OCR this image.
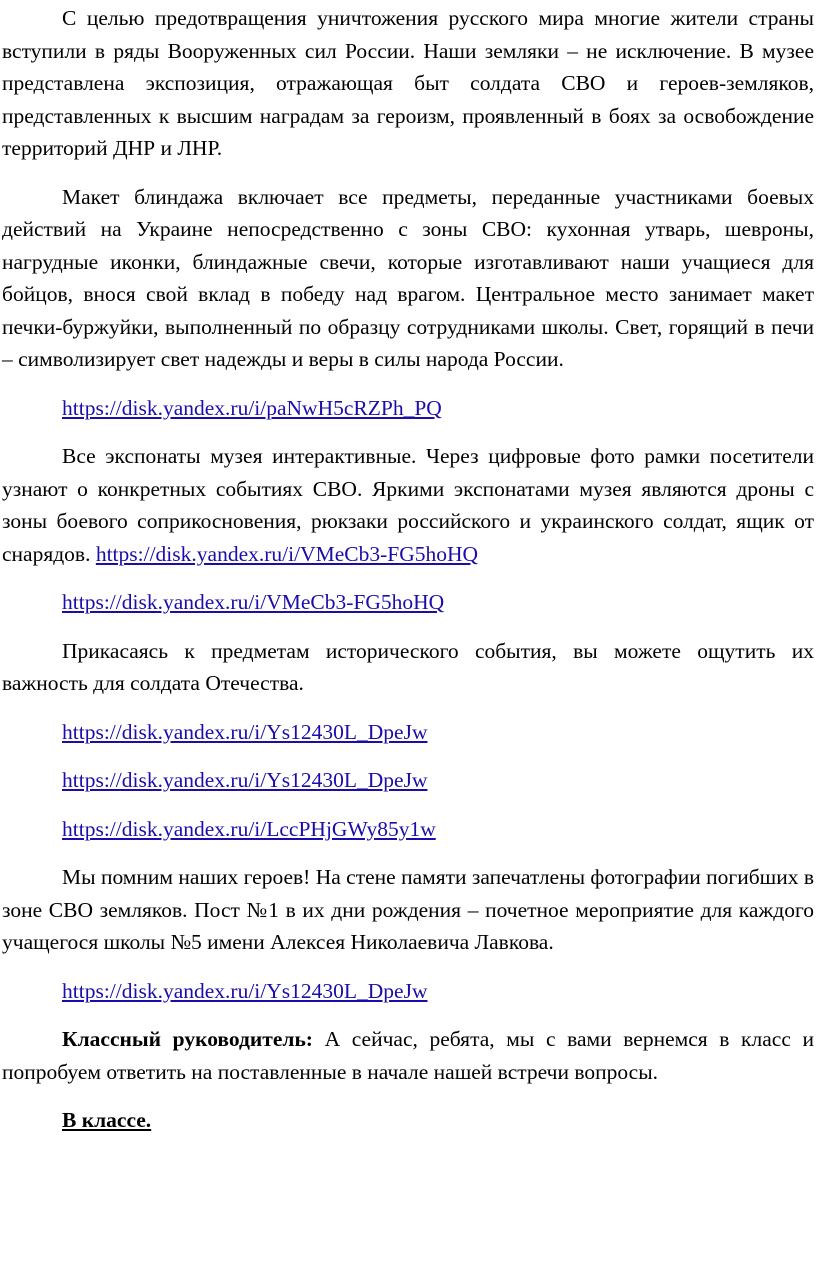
С целью предотвращения уничтожения русского мира многие жители страны вступили в ряды Вооруженных сил России. Наши земляки – не исключение. В музее представлена экспозиция, отражающая быт солдата СВО и героев-земляков, представленных к высшим наградам за героизм, проявленный в боях за освобождение территорий ДНР и ЛНР.

Макет блиндажа включает все предметы, переданные участниками боевых действий на Украине непосредственно с зоны СВО: кухонная утварь, шевроны, нагрудные иконки, блиндажные свечи, которые изготавливают наши учащиеся для бойцов, внося свой вклад в победу над врагом. Центральное место занимает макет печки-буржуйки, выполненный по образцу сотрудниками школы. Свет, горящий в печи – символизирует свет надежды и веры в силы народа России.

https://disk.yandex.ru/i/paNwH5cRZPh_PQ

Все экспонаты музея интерактивные. Через цифровые фото рамки посетители узнают о конкретных событиях СВО. Яркими экспонатами музея являются дроны с зоны боевого соприкосновения, рюкзаки российского и украинского солдат, ящик от снарядов. https://disk.yandex.ru/i/VMeCb3-FG5hoHQ

https://disk.yandex.ru/i/VMeCb3-FG5hoHQ

Прикасаясь к предметам исторического события, вы можете ощутить их важность для солдата Отечества.

https://disk.yandex.ru/i/Ys12430L_DpeJw

https://disk.yandex.ru/i/Ys12430L_DpeJw

https://disk.yandex.ru/i/LccPHjGWy85y1w

Мы помним наших героев! На стене памяти запечатлены фотографии погибших в зоне СВО земляков. Пост №1 в их дни рождения – почетное мероприятие для каждого учащегося школы №5 имени Алексея Николаевича Лавкова.

https://disk.yandex.ru/i/Ys12430L_DpeJw

Классный руководитель: А сейчас, ребята, мы с вами вернемся в класс и попробуем ответить на поставленные в начале нашей встречи вопросы.

В классе.
